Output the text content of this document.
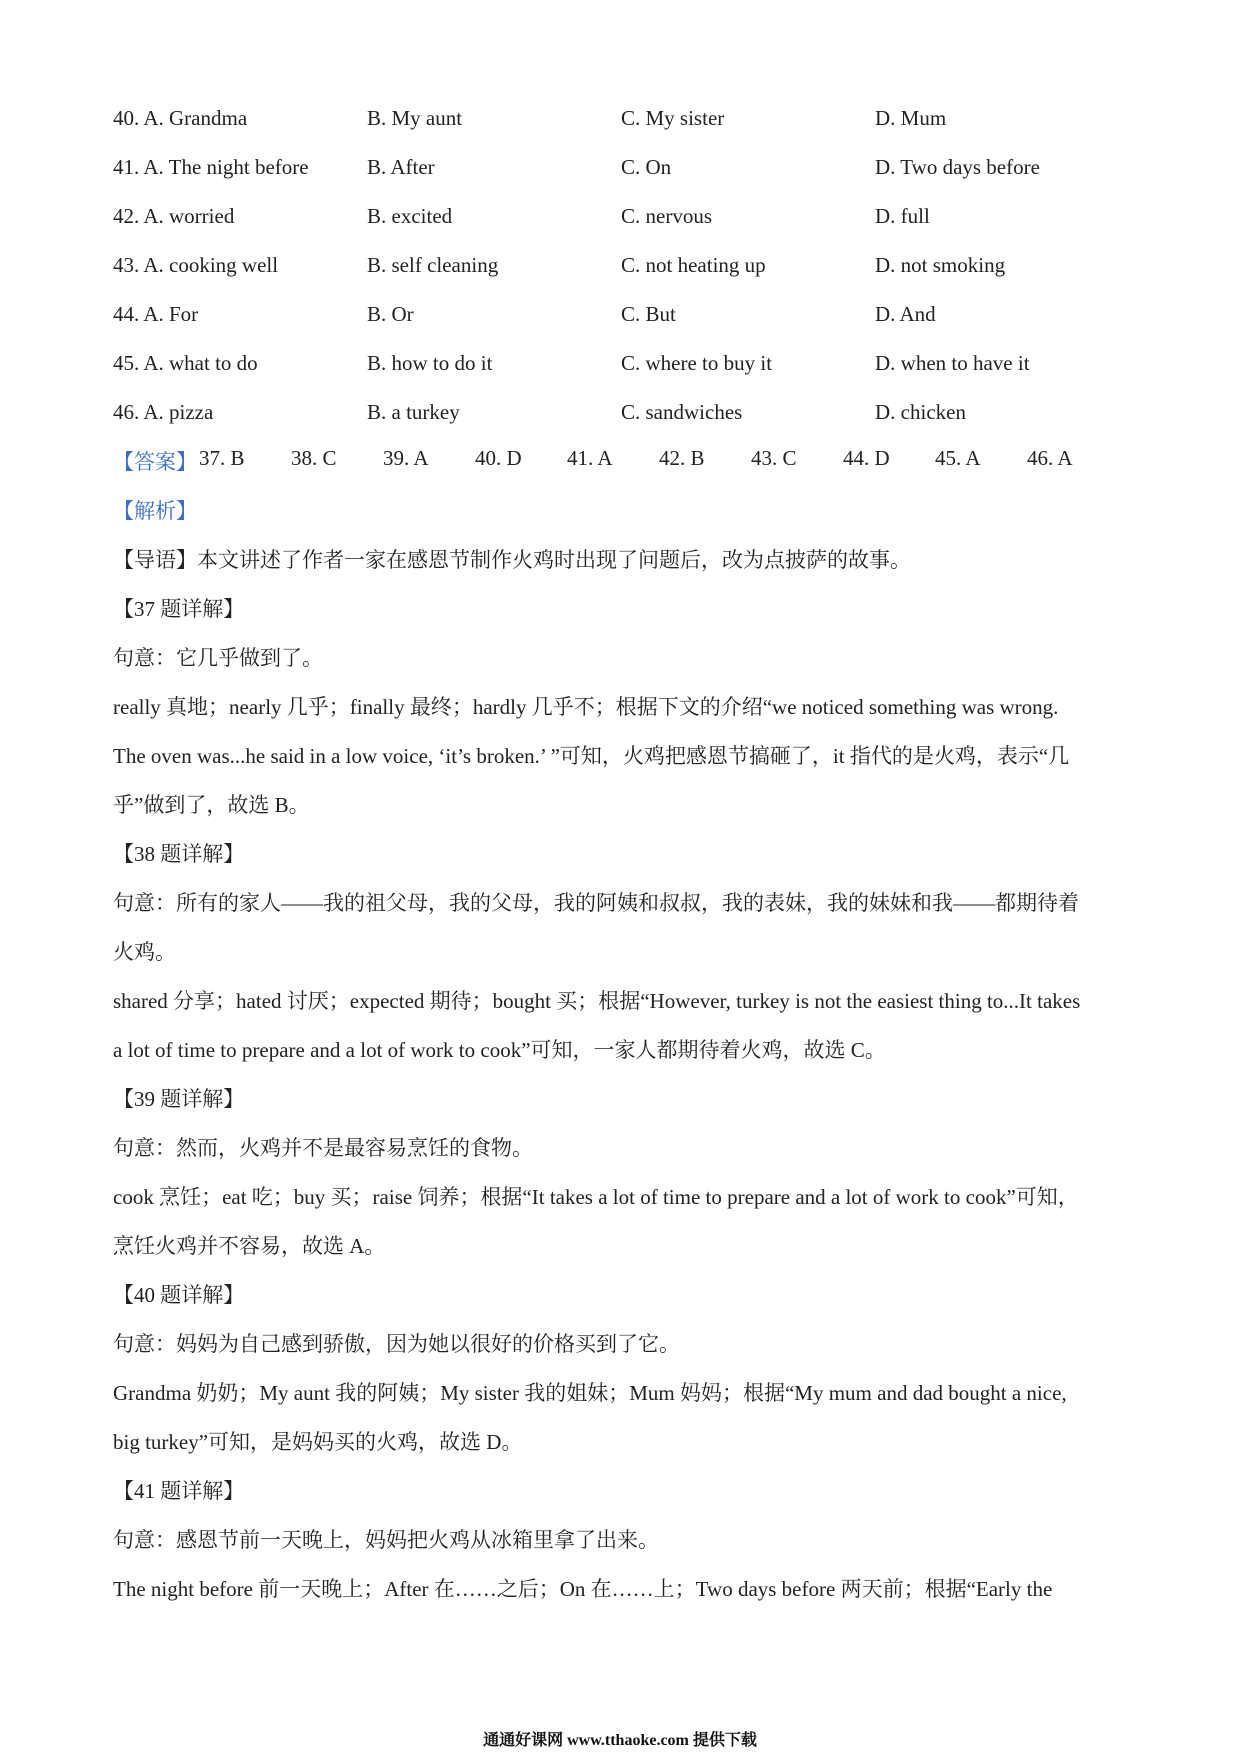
40. A. Grandma	B. My aunt	C. My sister	D. Mum
41. A. The night before	B. After	C. On	D. Two days before
42. A. worried	B. excited	C. nervous	D. full
43. A. cooking well	B. self cleaning	C. not heating up	D. not smoking
44. A. For	B. Or	C. But	D. And
45. A. what to do	B. how to do it	C. where to buy it	D. when to have it
46. A. pizza	B. a turkey	C. sandwiches	D. chicken
【答案】 37. B 38. C 39. A 40. D 41. A 42. B 43. C 44. D 45. A 46. A
【解析】
【导语】本文讲述了作者一家在感恩节制作火鸡时出现了问题后，改为点披萨的故事。
【37 题详解】
句意：它几乎做到了。
really 真地；nearly 几乎；finally 最终；hardly 几乎不；根据下文的介绍“we noticed something was wrong.
The oven was...he said in a low voice, ‘it’s broken.’ ”可知，火鸡把感恩节搞砸了，it 指代的是火鸡，表示“几
乎”做到了，故选 B。
【38 题详解】
句意：所有的家人——我的祖父母，我的父母，我的阿姨和叔叔，我的表妹，我的妹妹和我——都期待着
火鸡。
shared 分享；hated 讨厌；expected 期待；bought 买；根据“However, turkey is not the easiest thing to...It takes
a lot of time to prepare and a lot of work to cook”可知，一家人都期待着火鸡，故选 C。
【39 题详解】
句意：然而，火鸡并不是最容易烹饪的食物。
cook 烹饪；eat 吃；buy 买；raise 饲养；根据“It takes a lot of time to prepare and a lot of work to cook”可知，
烹饪火鸡并不容易，故选 A。
【40 题详解】
句意：妈妈为自己感到骄傲，因为她以很好的价格买到了它。
Grandma 奶奶；My aunt 我的阿姨；My sister 我的姐妹；Mum 妈妈；根据“My mum and dad bought a nice,
big turkey”可知，是妈妈买的火鸡，故选 D。
【41 题详解】
句意：感恩节前一天晚上，妈妈把火鸡从冰箱里拿了出来。
The night before 前一天晚上；After 在……之后；On 在……上；Two days before 两天前；根据“Early the
通通好课网 www.tthaoke.com 提供下载
